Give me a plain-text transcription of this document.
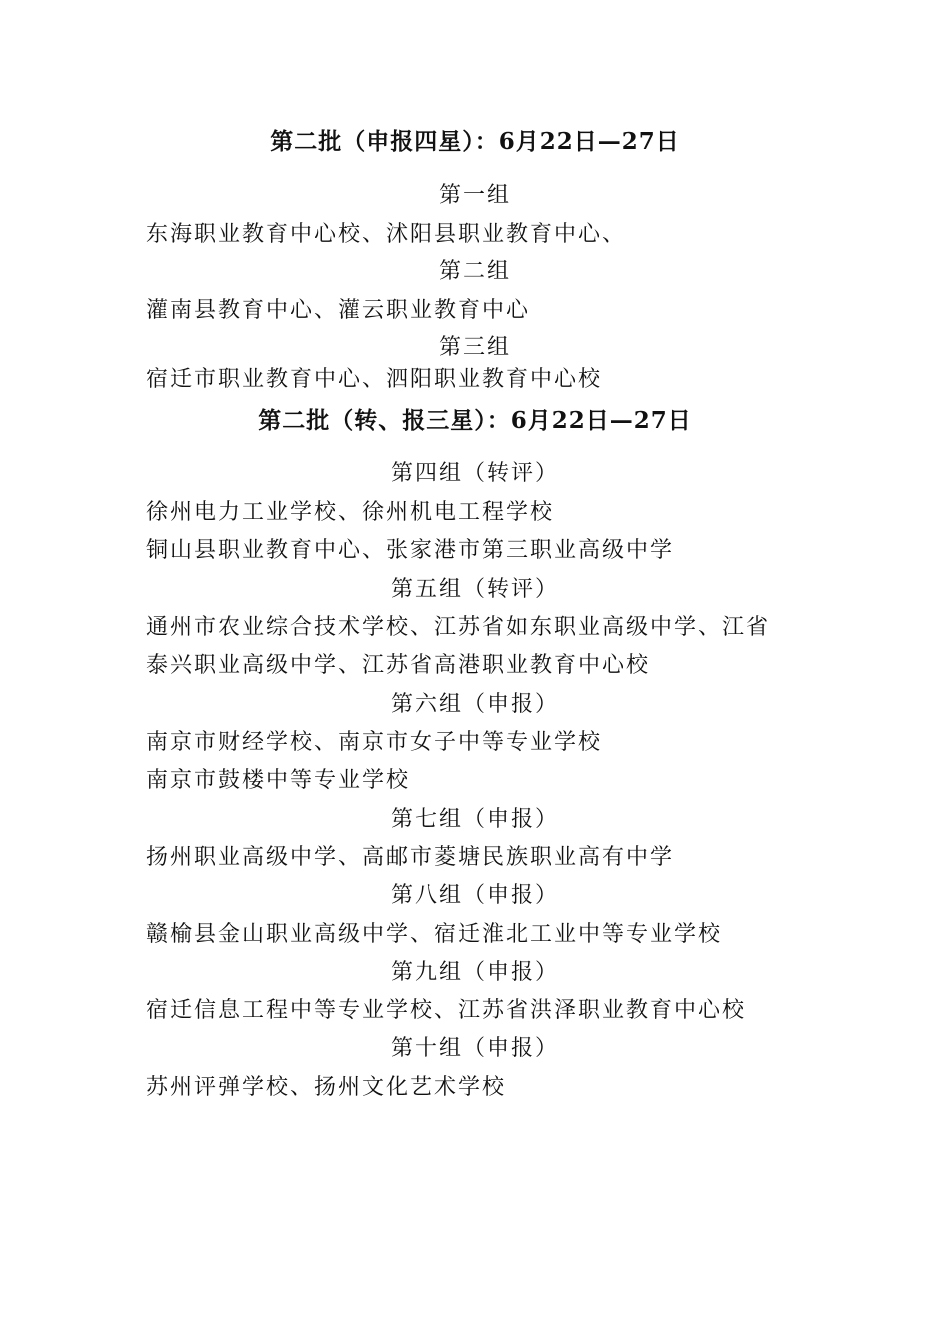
第二批（申报四星）：6月22日—27日
第一组
东海职业教育中心校、沭阳县职业教育中心、
第二组
灌南县教育中心、灌云职业教育中心
第三组
宿迁市职业教育中心、泗阳职业教育中心校
第二批（转、报三星）：6月22日—27日
第四组（转评）
徐州电力工业学校、徐州机电工程学校
铜山县职业教育中心、张家港市第三职业高级中学
第五组（转评）
通州市农业综合技术学校、江苏省如东职业高级中学、江省
泰兴职业高级中学、江苏省高港职业教育中心校
第六组（申报）
南京市财经学校、南京市女子中等专业学校
南京市鼓楼中等专业学校
第七组（申报）
扬州职业高级中学、高邮市菱塘民族职业高有中学
第八组（申报）
赣榆县金山职业高级中学、宿迁淮北工业中等专业学校
第九组（申报）
宿迁信息工程中等专业学校、江苏省洪泽职业教育中心校
第十组（申报）
苏州评弹学校、扬州文化艺术学校
